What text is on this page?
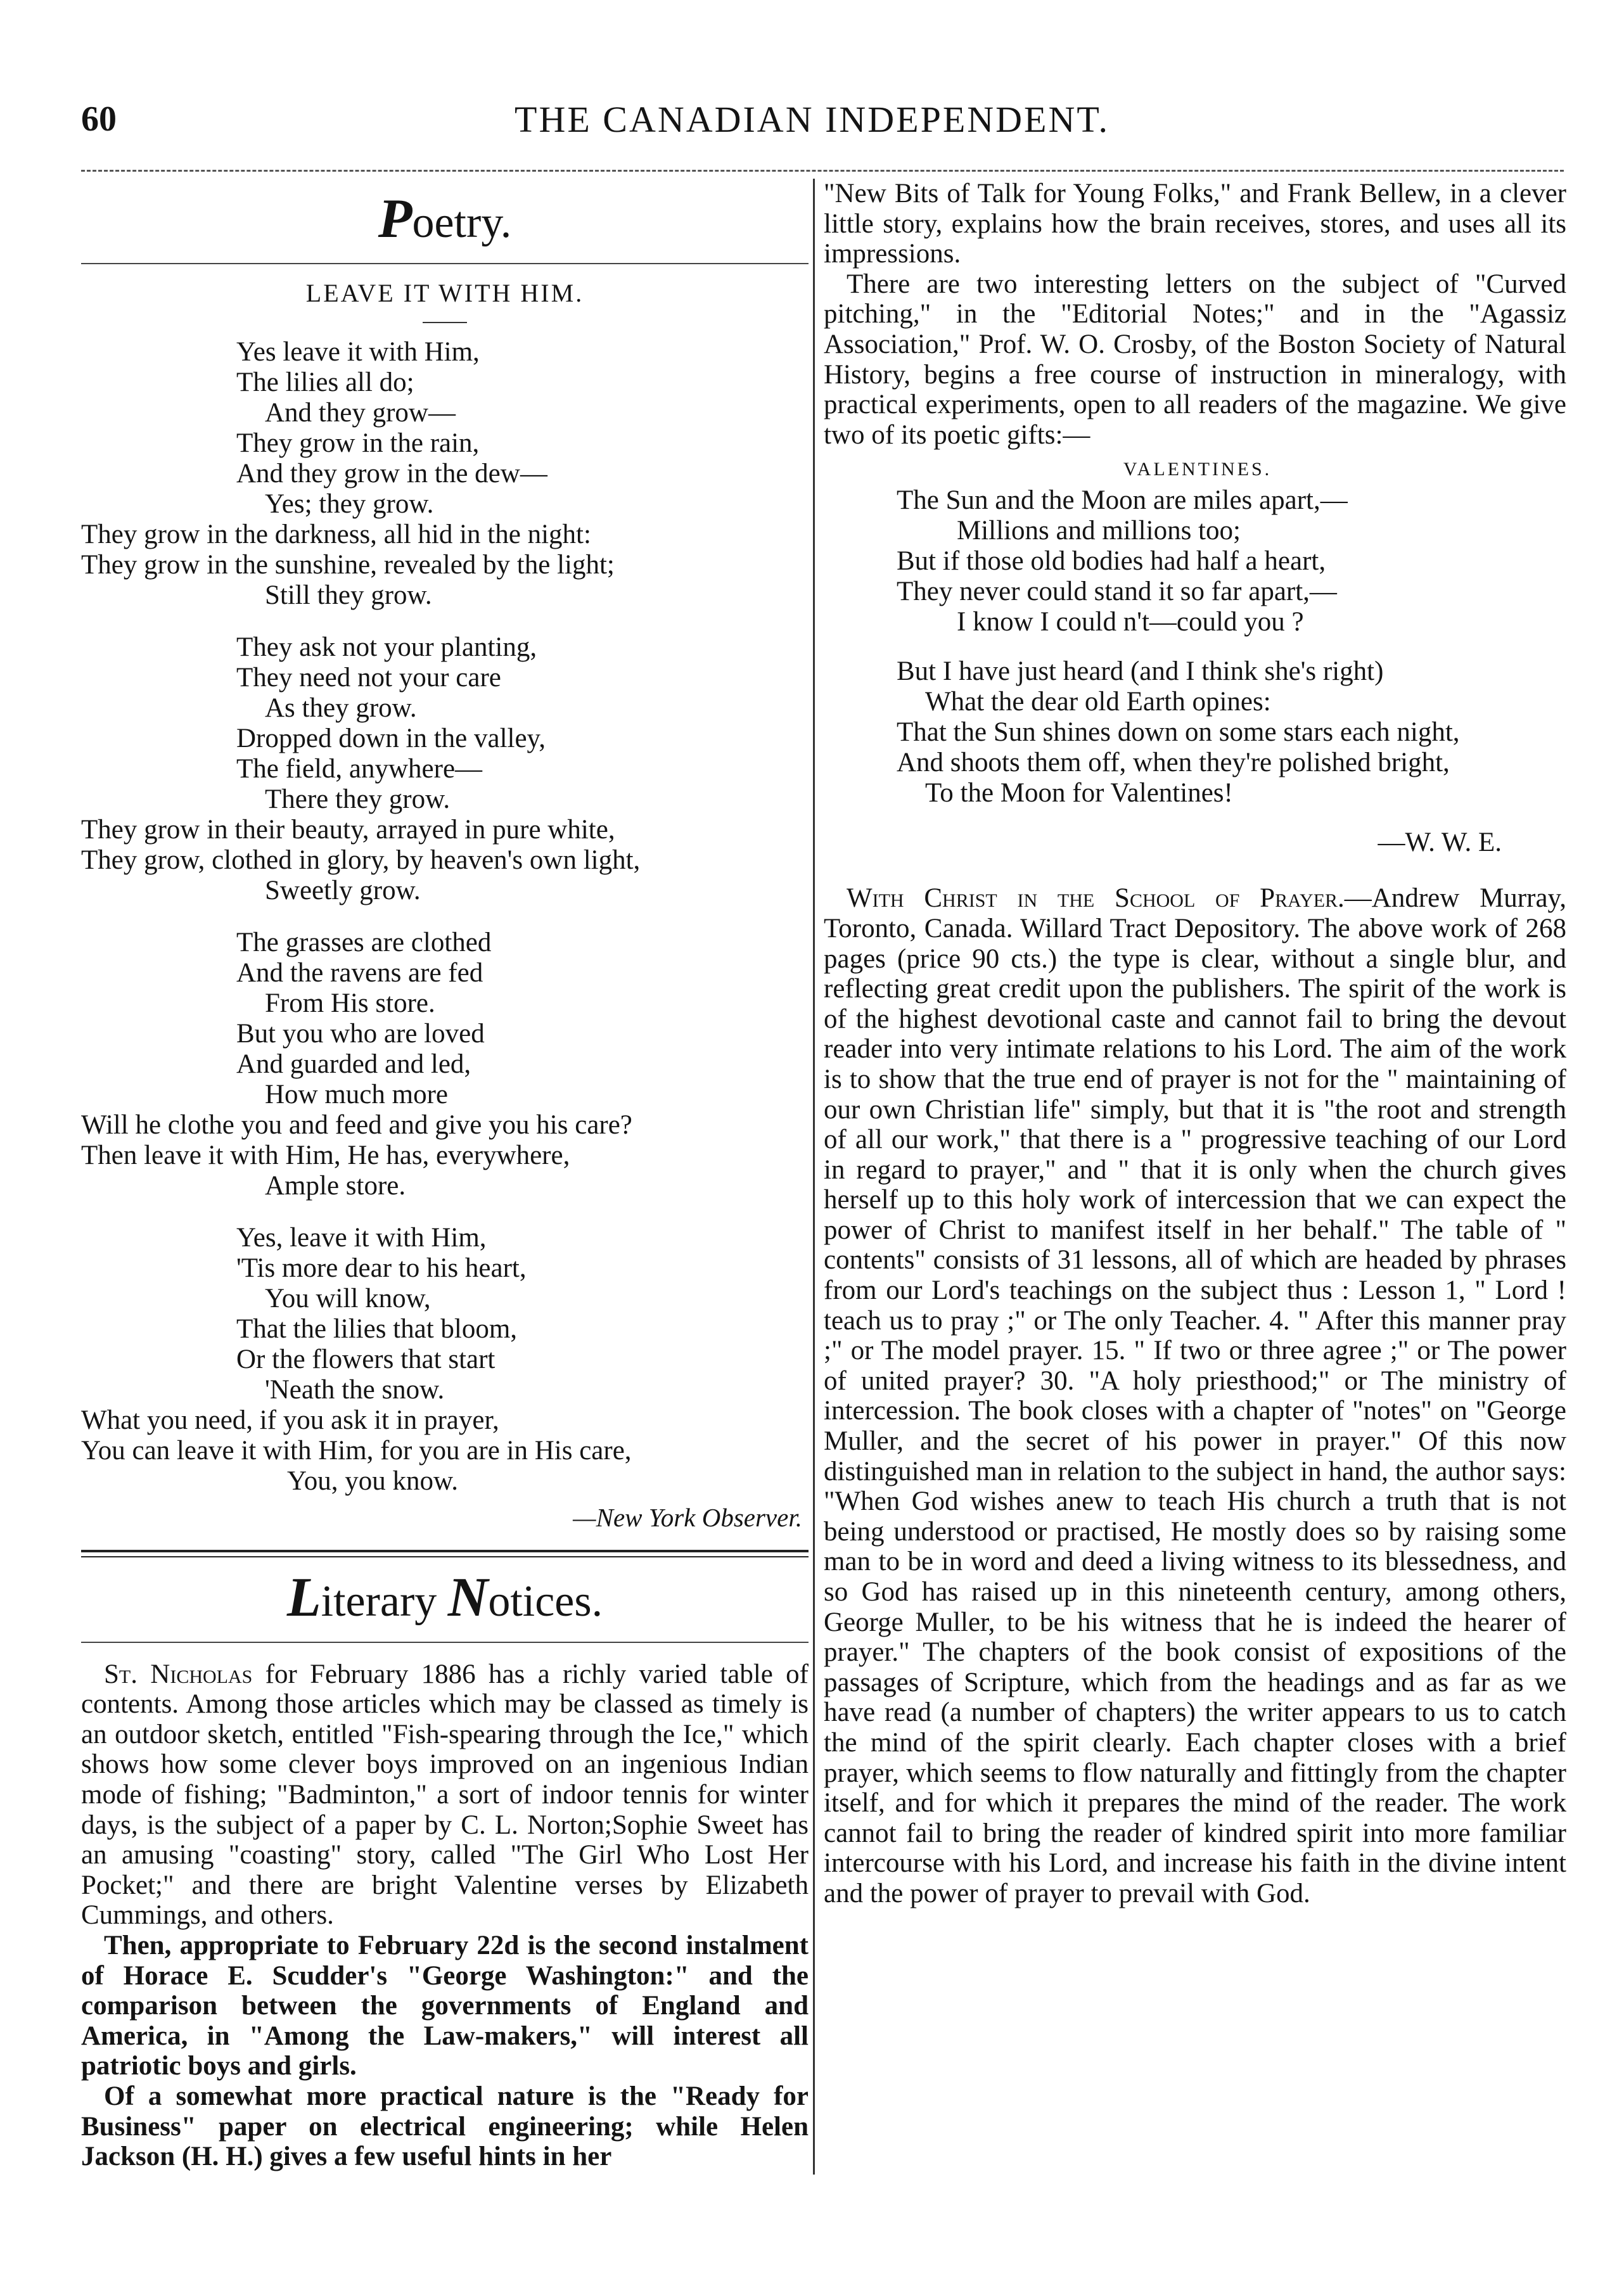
60	THE CANADIAN INDEPENDENT.
Poetry.
LEAVE IT WITH HIM.
Yes leave it with Him,
The lilies all do;
And they grow—
They grow in the rain,
And they grow in the dew—
Yes; they grow.
They grow in the darkness, all hid in the night:
They grow in the sunshine, revealed by the light;
Still they grow.
They ask not your planting,
They need not your care
As they grow.
Dropped down in the valley,
The field, anywhere—
There they grow.
They grow in their beauty, arrayed in pure white,
They grow, clothed in glory, by heaven's own light,
Sweetly grow.
The grasses are clothed
And the ravens are fed
From His store.
But you who are loved
And guarded and led,
How much more
Will he clothe you and feed and give you his care?
Then leave it with Him, He has, everywhere,
Ample store.
Yes, leave it with Him,
'Tis more dear to his heart,
You will know,
That the lilies that bloom,
Or the flowers that start
'Neath the snow.
What you need, if you ask it in prayer,
You can leave it with Him, for you are in His care,
You, you know.
—New York Observer.
Literary Notices.

St. Nicholas for February 1886 has a richly varied table of contents. Among those articles which may be classed as timely is an outdoor sketch, entitled "Fish-spearing through the Ice," which shows how some clever boys improved on an ingenious Indian mode of fishing; "Badminton," a sort of indoor tennis for winter days, is the subject of a paper by C. L. Norton;Sophie Sweet has an amusing "coasting" story, called "The Girl Who Lost Her Pocket;" and there are bright Valentine verses by Elizabeth Cummings, and others.

Then, appropriate to February 22d is the second instalment of Horace E. Scudder's "George Washington:" and the comparison between the governments of England and America, in "Among the Law-makers," will interest all patriotic boys and girls.

Of a somewhat more practical nature is the "Ready for Business" paper on electrical engineering; while Helen Jackson (H. H.) gives a few useful hints in her

"New Bits of Talk for Young Folks," and Frank Bellew, in a clever little story, explains how the brain receives, stores, and uses all its impressions.

There are two interesting letters on the subject of "Curved pitching," in the "Editorial Notes;" and in the "Agassiz Association," Prof. W. O. Crosby, of the Boston Society of Natural History, begins a free course of instruction in mineralogy, with practical experiments, open to all readers of the magazine. We give two of its poetic gifts:—

VALENTINES.
The Sun and the Moon are miles apart,—
Millions and millions too;
But if those old bodies had half a heart,
They never could stand it so far apart,—
I know I could n't—could you ?
But I have just heard (and I think she's right)
What the dear old Earth opines:
That the Sun shines down on some stars each night,
And shoots them off, when they're polished bright,
To the Moon for Valentines!
—W. W. E.

With Christ in the School of Prayer.—Andrew Murray, Toronto, Canada. Willard Tract Depository. The above work of 268 pages (price 90 cts.) the type is clear, without a single blur, and reflecting great credit upon the publishers. The spirit of the work is of the highest devotional caste and cannot fail to bring the devout reader into very intimate relations to his Lord. The aim of the work is to show that the true end of prayer is not for the " maintaining of our own Christian life" simply, but that it is "the root and strength of all our work," that there is a " progressive teaching of our Lord in regard to prayer," and " that it is only when the church gives herself up to this holy work of intercession that we can expect the power of Christ to manifest itself in her behalf." The table of " contents" consists of 31 lessons, all of which are headed by phrases from our Lord's teachings on the subject thus : Lesson 1, " Lord ! teach us to pray ;" or The only Teacher. 4. " After this manner pray ;" or The model prayer. 15. " If two or three agree ;" or The power of united prayer? 30. "A holy priesthood;" or The ministry of intercession. The book closes with a chapter of "notes" on "George Muller, and the secret of his power in prayer." Of this now distinguished man in relation to the subject in hand, the author says: "When God wishes anew to teach His church a truth that is not being understood or practised, He mostly does so by raising some man to be in word and deed a living witness to its blessedness, and so God has raised up in this nineteenth century, among others, George Muller, to be his witness that he is indeed the hearer of prayer." The chapters of the book consist of expositions of the passages of Scripture, which from the headings and as far as we have read (a number of chapters) the writer appears to us to catch the mind of the spirit clearly. Each chapter closes with a brief prayer, which seems to flow naturally and fittingly from the chapter itself, and for which it prepares the mind of the reader. The work cannot fail to bring the reader of kindred spirit into more familiar intercourse with his Lord, and increase his faith in the divine intent and the power of prayer to prevail with God.
